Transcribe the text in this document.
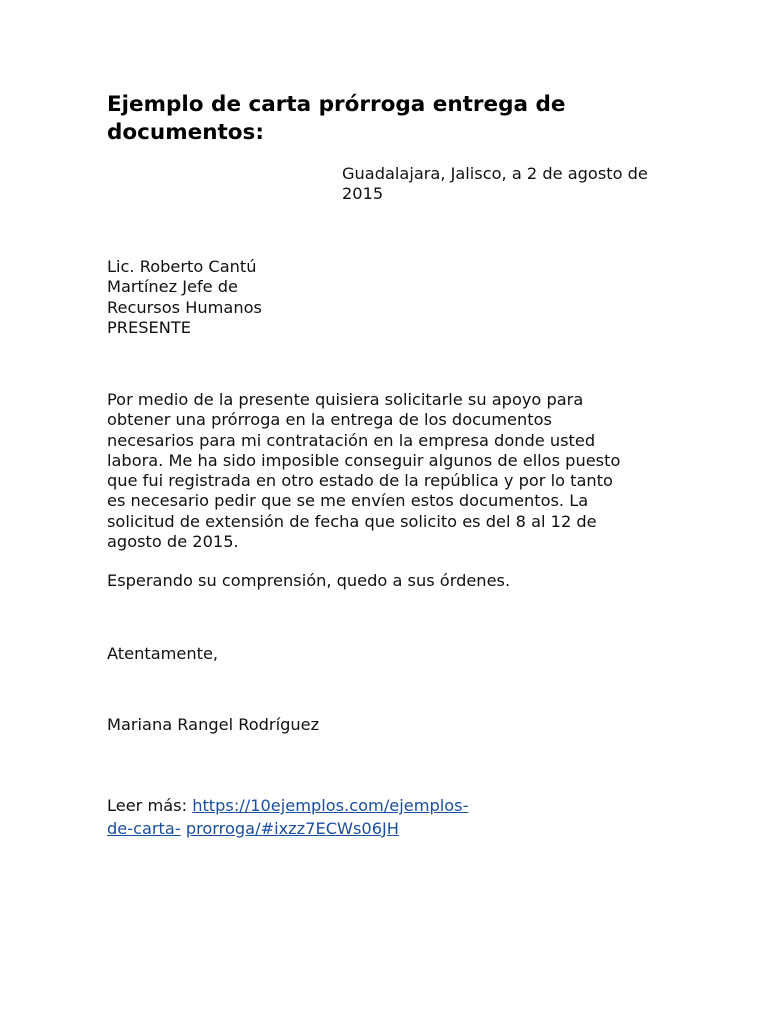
Ejemplo de carta prórroga entrega de
documentos:
Guadalajara, Jalisco, a 2 de agosto de
2015
Lic. Roberto Cantú
Martínez Jefe de
Recursos Humanos
PRESENTE
Por medio de la presente quisiera solicitarle su apoyo para
obtener una prórroga en la entrega de los documentos
necesarios para mi contratación en la empresa donde usted
labora. Me ha sido imposible conseguir algunos de ellos puesto
que fui registrada en otro estado de la república y por lo tanto
es necesario pedir que se me envíen estos documentos. La
solicitud de extensión de fecha que solicito es del 8 al 12 de
agosto de 2015.
Esperando su comprensión, quedo a sus órdenes.
Atentamente,
Mariana Rangel Rodríguez
Leer más: https://10ejemplos.com/ejemplos-
de-carta- prorroga/#ixzz7ECWs06JH
